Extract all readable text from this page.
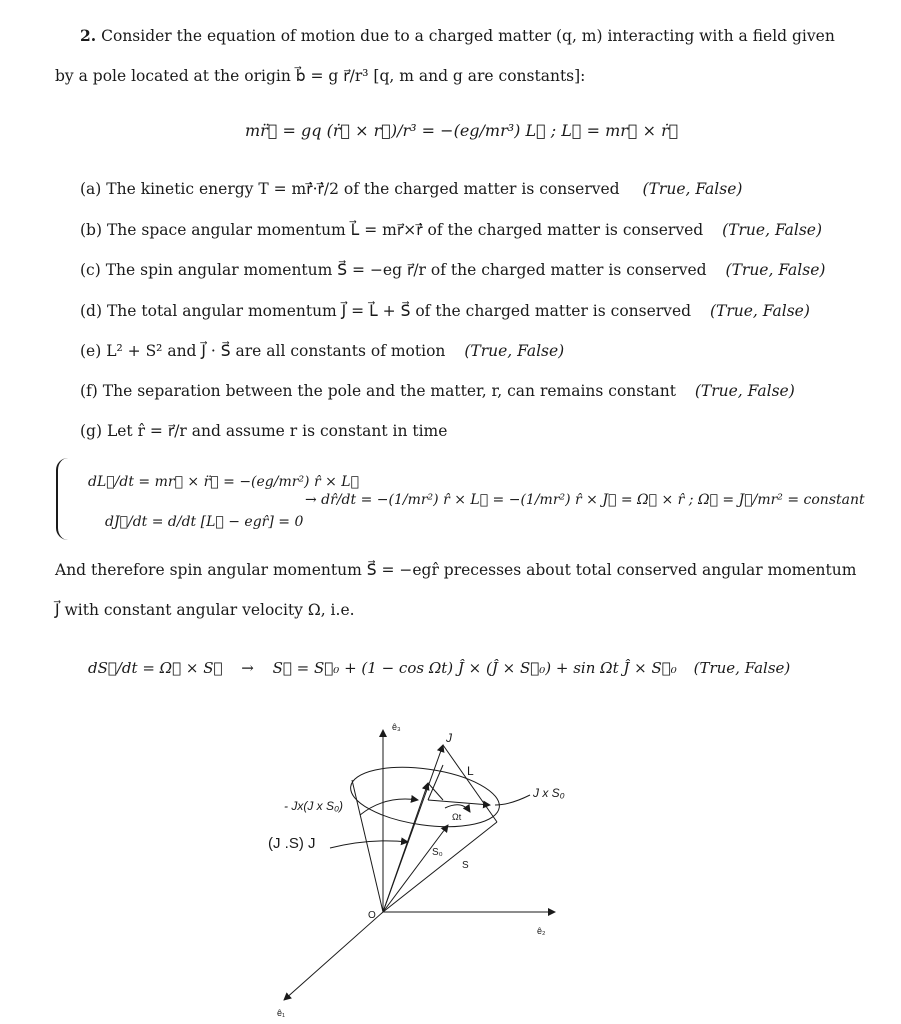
2. Consider the equation of motion due to a charged matter (q, m) interacting with a field given
by a pole located at the origin b⃗ = g r⃗/r³ [q, m and g are constants]:
mr̈⃗ = gq (ṙ⃗ × r⃗)/r³ = −(eg/mr³) L⃗ ; L⃗ = mr⃗ × ṙ⃗
(a) The kinetic energy T = mṙ⃗·ṙ⃗/2 of the charged matter is conserved (True, False)
(b) The space angular momentum L⃗ = mr⃗×ṙ⃗ of the charged matter is conserved (True, False)
(c) The spin angular momentum S⃗ = −eg r⃗/r of the charged matter is conserved (True, False)
(d) The total angular momentum J⃗ = L⃗ + S⃗ of the charged matter is conserved (True, False)
(e) L² + S² and J⃗ · S⃗ are all constants of motion (True, False)
(f) The separation between the pole and the matter, r, can remains constant (True, False)
(g) Let r̂ = r⃗/r and assume r is constant in time
dL⃗/dt = mr⃗ × r̈⃗ = −(eg/mr²) r̂ × L⃗
dJ⃗/dt = d/dt [L⃗ − egr̂] = 0
→ dr̂/dt = −(1/mr²) r̂ × L⃗ = −(1/mr²) r̂ × J⃗ = Ω⃗ × r̂ ; Ω⃗ = J⃗/mr² = constant
And therefore spin angular momentum S⃗ = −egr̂ precesses about total conserved angular momentum
J⃗ with constant angular velocity Ω, i.e.
dS⃗/dt = Ω⃗ × S⃗ → S⃗ = S⃗₀ + (1 − cos Ωt) Ĵ × (Ĵ × S⃗₀) + sin Ωt Ĵ × S⃗₀ (True, False)
ê₃
ê₂
ê₁
O
J
L
J x S₀
- Jx(J x S₀)
(J .S) J
Ωt
S₀
S
